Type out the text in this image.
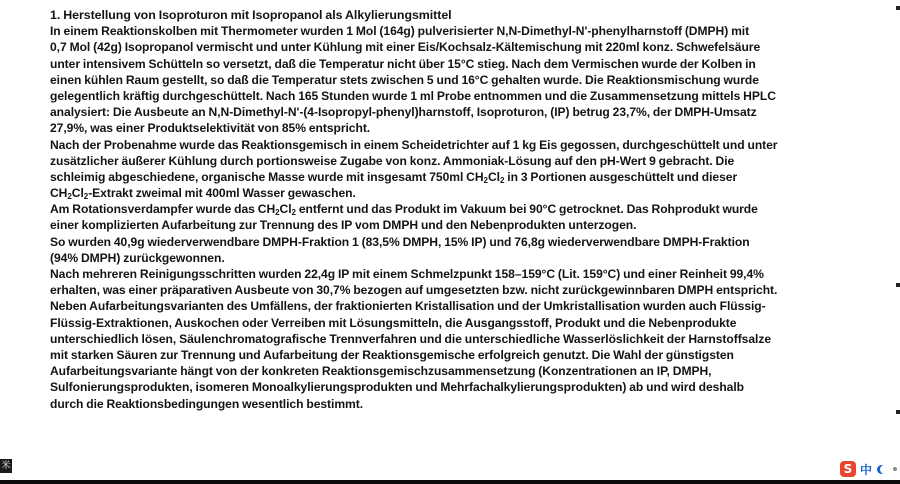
1. Herstellung von Isoproturon mit Isopropanol als Alkylierungsmittel
In einem Reaktionskolben mit Thermometer wurden 1 Mol (164g) pulverisierter N,N-Dimethyl-N'-phenylharnstoff (DMPH) mit
0,7 Mol (42g) Isopropanol vermischt und unter Kühlung mit einer Eis/Kochsalz-Kältemischung mit 220ml konz. Schwefelsäure
unter intensivem Schütteln so versetzt, daß die Temperatur nicht über 15°C stieg. Nach dem Vermischen wurde der Kolben in
einen kühlen Raum gestellt, so daß die Temperatur stets zwischen 5 und 16°C gehalten wurde. Die Reaktionsmischung wurde
gelegentlich kräftig durchgeschüttelt. Nach 165 Stunden wurde 1 ml Probe entnommen und die Zusammensetzung mittels HPLC
analysiert: Die Ausbeute an N,N-Dimethyl-N'-(4-Isopropyl-phenyl)harnstoff, Isoproturon, (IP) betrug 23,7%, der DMPH-Umsatz
27,9%, was einer Produktselektivität von 85% entspricht.
Nach der Probenahme wurde das Reaktionsgemisch in einem Scheidetrichter auf 1 kg Eis gegossen, durchgeschüttelt und unter
zusätzlicher äußerer Kühlung durch portionsweise Zugabe von konz. Ammoniak-Lösung auf den pH-Wert 9 gebracht. Die
schleimig abgeschiedene, organische Masse wurde mit insgesamt 750ml $CH_2Cl_2$ in 3 Portionen ausgeschüttelt und dieser
$CH_2Cl_2$-Extrakt zweimal mit 400ml Wasser gewaschen.
Am Rotationsverdampfer wurde das $CH_2Cl_2$ entfernt und das Produkt im Vakuum bei 90°C getrocknet. Das Rohprodukt wurde
einer komplizierten Aufarbeitung zur Trennung des IP vom DMPH und den Nebenprodukten unterzogen.
So wurden 40,9g wiederverwendbare DMPH-Fraktion 1 (83,5% DMPH, 15% IP) und 76,8g wiederverwendbare DMPH-Fraktion
(94% DMPH) zurückgewonnen.
Nach mehreren Reinigungsschritten wurden 22,4g IP mit einem Schmelzpunkt 158–159°C (Lit. 159°C) und einer Reinheit 99,4%
erhalten, was einer präparativen Ausbeute von 30,7% bezogen auf umgesetzten bzw. nicht zurückgewinnbaren DMPH entspricht.
Neben Aufarbeitungsvarianten des Umfällens, der fraktionierten Kristallisation und der Umkristallisation wurden auch Flüssig-
Flüssig-Extraktionen, Auskochen oder Verreiben mit Lösungsmitteln, die Ausgangsstoff, Produkt und die Nebenprodukte
unterschiedlich lösen, Säulenchromatografische Trennverfahren und die unterschiedliche Wasserlöslichkeit der Harnstoffsalze
mit starken Säuren zur Trennung und Aufarbeitung der Reaktionsgemische erfolgreich genutzt. Die Wahl der günstigsten
Aufarbeitungsvariante hängt von der konkreten Reaktionsgemischzusammensetzung (Konzentrationen an IP, DMPH,
Sulfonierungsprodukten, isomeren Monoalkylierungsprodukten und Mehrfachalkylierungsprodukten) ab und wird deshalb
durch die Reaktionsbedingungen wesentlich bestimmt.
米	S 中
